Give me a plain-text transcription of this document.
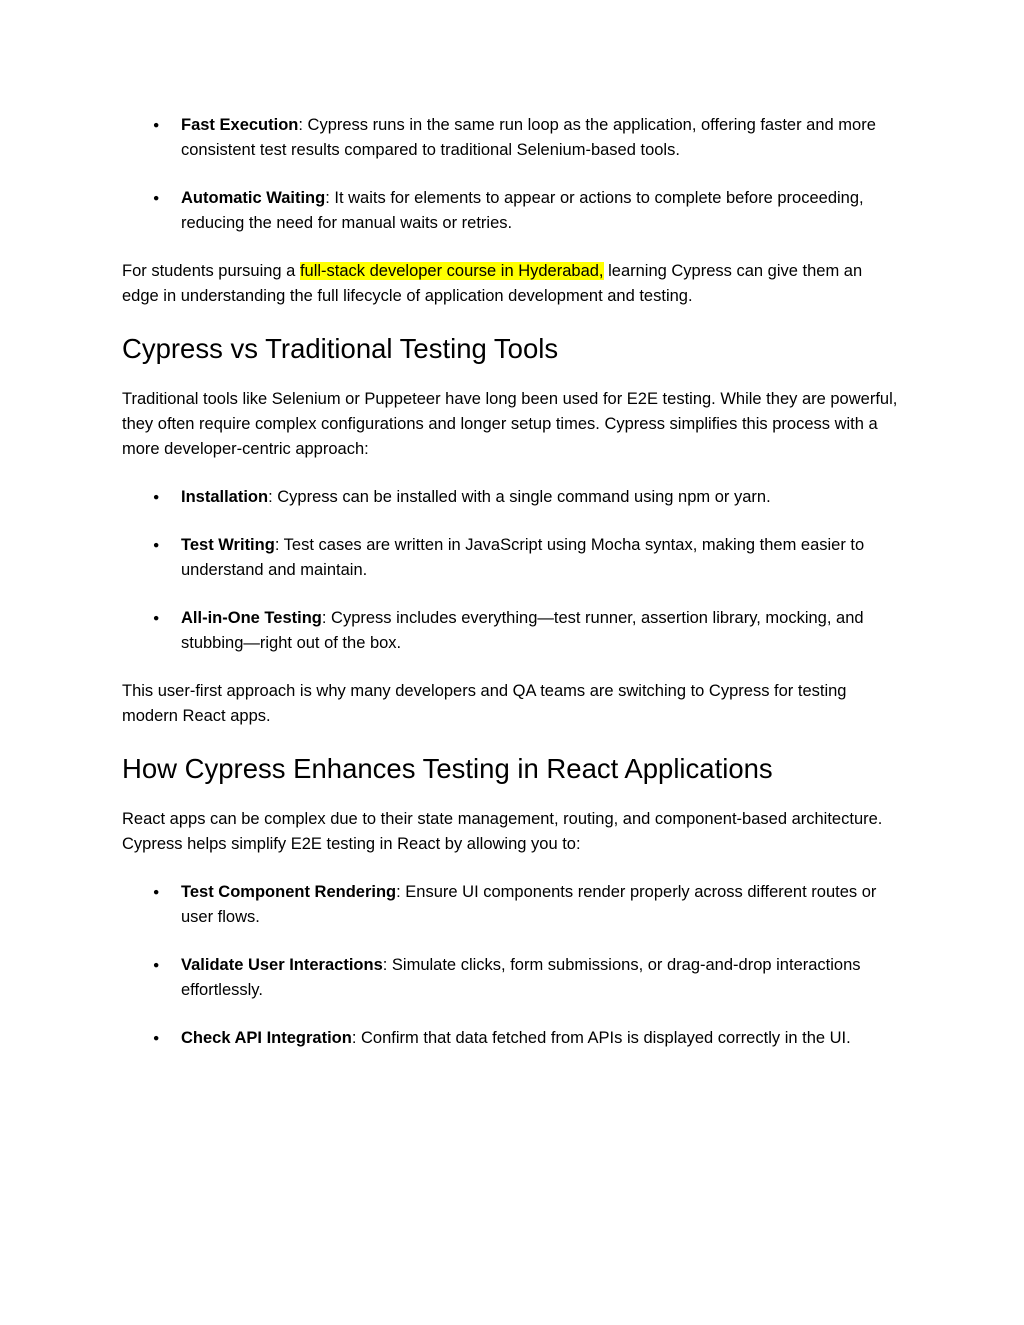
●	Fast Execution: Cypress runs in the same run loop as the application, offering faster and more consistent test results compared to traditional Selenium-based tools.
●	Automatic Waiting: It waits for elements to appear or actions to complete before proceeding, reducing the need for manual waits or retries.

For students pursuing a full-stack developer course in Hyderabad, learning Cypress can give them an edge in understanding the full lifecycle of application development and testing.

Cypress vs Traditional Testing Tools

Traditional tools like Selenium or Puppeteer have long been used for E2E testing. While they are powerful, they often require complex configurations and longer setup times. Cypress simplifies this process with a more developer-centric approach:

●	Installation: Cypress can be installed with a single command using npm or yarn.
●	Test Writing: Test cases are written in JavaScript using Mocha syntax, making them easier to understand and maintain.
●	All-in-One Testing: Cypress includes everything—test runner, assertion library, mocking, and stubbing—right out of the box.

This user-first approach is why many developers and QA teams are switching to Cypress for testing modern React apps.

How Cypress Enhances Testing in React Applications

React apps can be complex due to their state management, routing, and component-based architecture. Cypress helps simplify E2E testing in React by allowing you to:

●	Test Component Rendering: Ensure UI components render properly across different routes or user flows.
●	Validate User Interactions: Simulate clicks, form submissions, or drag-and-drop interactions effortlessly.
●	Check API Integration: Confirm that data fetched from APIs is displayed correctly in the UI.
